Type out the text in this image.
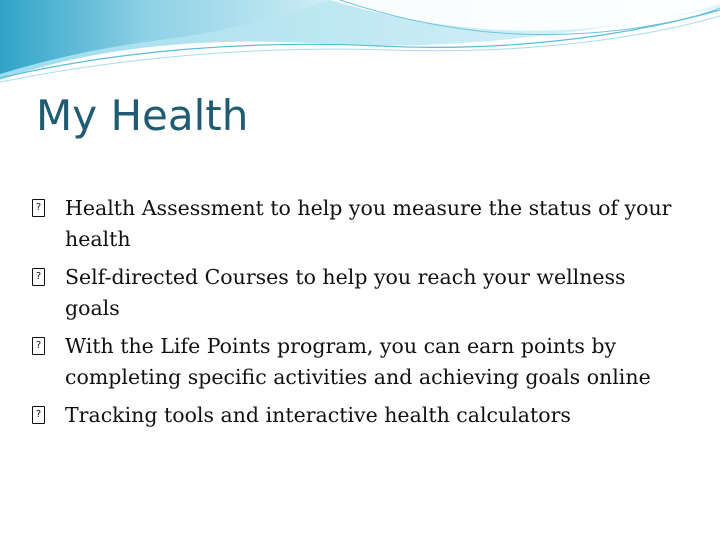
My Health
? Health Assessment to help you measure the status of your health
? Self-directed Courses to help you reach your wellness goals
? With the Life Points program, you can earn points by completing specific activities and achieving goals online
? Tracking tools and interactive health calculators
